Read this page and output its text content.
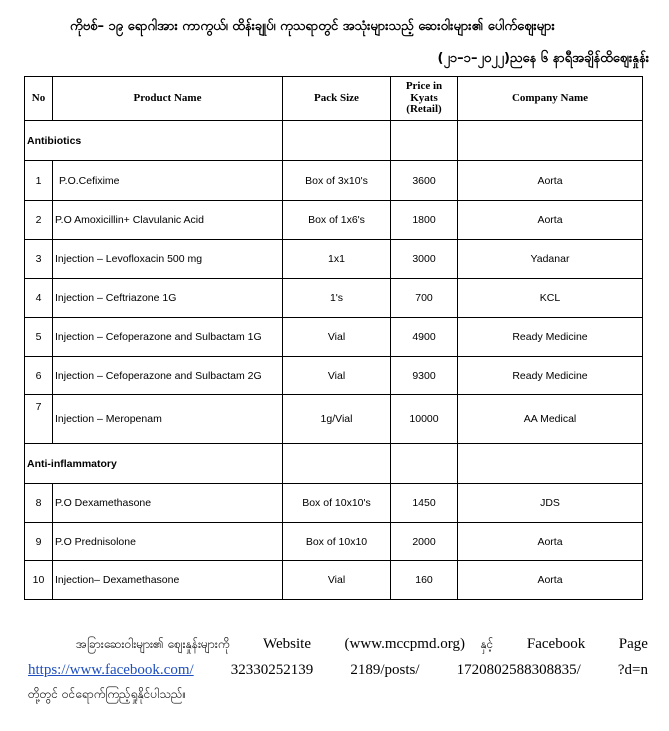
ကိုဗစ်– ၁၉ ရောဂါအား ကာကွယ်၊ ထိန်းချုပ်၊ ကုသရာတွင် အသုံးများသည့် ဆေးဝါးများ၏ ပေါက်ဈေးများ
(၂၁–၁–၂၀၂၂)ညနေ ၆ နာရီအချိန်ထိဈေးနှုန်း
No	Product Name	Pack Size	Price in Kyats (Retail)	Company Name
Antibiotics				
1	P.O.Cefixime	Box of 3x10's	3600	Aorta
2	P.O Amoxicillin+ Clavulanic Acid	Box of 1x6's	1800	Aorta
3	Injection – Levofloxacin 500 mg	1x1	3000	Yadanar
4	Injection – Ceftriazone 1G	1's	700	KCL
5	Injection – Cefoperazone and Sulbactam 1G	Vial	4900	Ready Medicine
6	Injection – Cefoperazone and Sulbactam 2G	Vial	9300	Ready Medicine
7	Injection – Meropenam	1g/Vial	10000	AA Medical
Anti-inflammatory				
8	P.O Dexamethasone	Box of 10x10's	1450	JDS
9	P.O Prednisolone	Box of 10x10	2000	Aorta
10	Injection– Dexamethasone	Vial	160	Aorta
အခြားဆေးဝါးများ၏ ဈေးနှုန်းများကို Website (www.mccpmd.org) နှင့် Facebook Page
https://www.facebook.com/ 32330252139 2189/posts/ 1720802588308835/ ?d=n
တို့တွင် ဝင်ရောက်ကြည့်ရှုနိုင်ပါသည်။
